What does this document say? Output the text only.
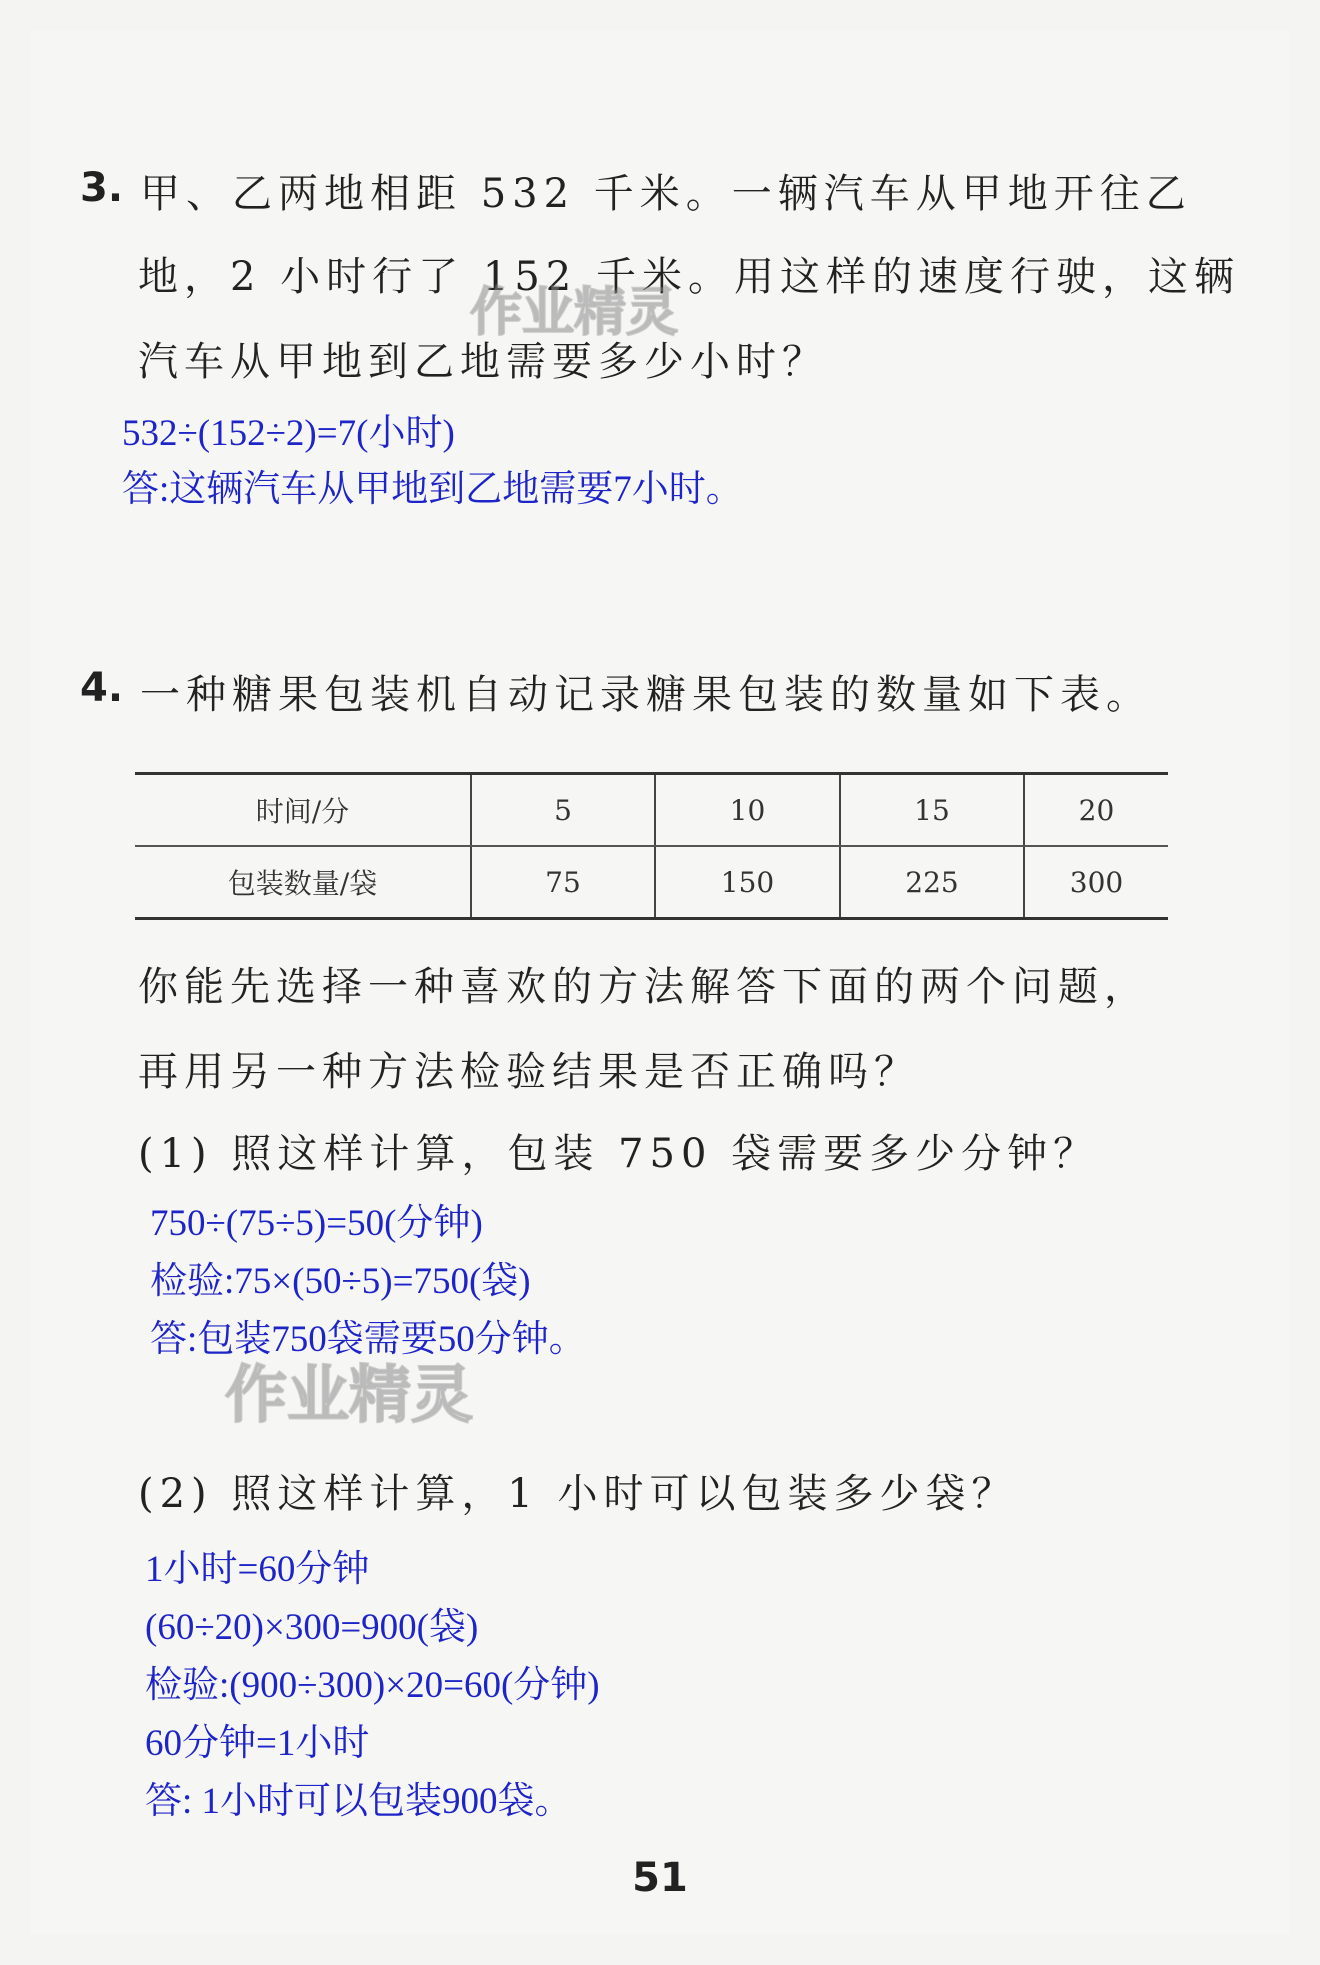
3. 甲、乙两地相距 532 千米。一辆汽车从甲地开往乙
地，2 小时行了 152 千米。用这样的速度行驶，这辆
汽车从甲地到乙地需要多少小时？
作业精灵
532÷(152÷2)=7(小时)
答:这辆汽车从甲地到乙地需要7小时。
4. 一种糖果包装机自动记录糖果包装的数量如下表。
时间/分	5	10	15	20
包装数量/袋	75	150	225	300
你能先选择一种喜欢的方法解答下面的两个问题，
再用另一种方法检验结果是否正确吗？
(1) 照这样计算，包装 750 袋需要多少分钟？
750÷(75÷5)=50(分钟)
检验:75×(50÷5)=750(袋)
答:包装750袋需要50分钟。
作业精灵
(2) 照这样计算，1 小时可以包装多少袋？
1小时=60分钟
(60÷20)×300=900(袋)
检验:(900÷300)×20=60(分钟)
60分钟=1小时
答: 1小时可以包装900袋。
51
